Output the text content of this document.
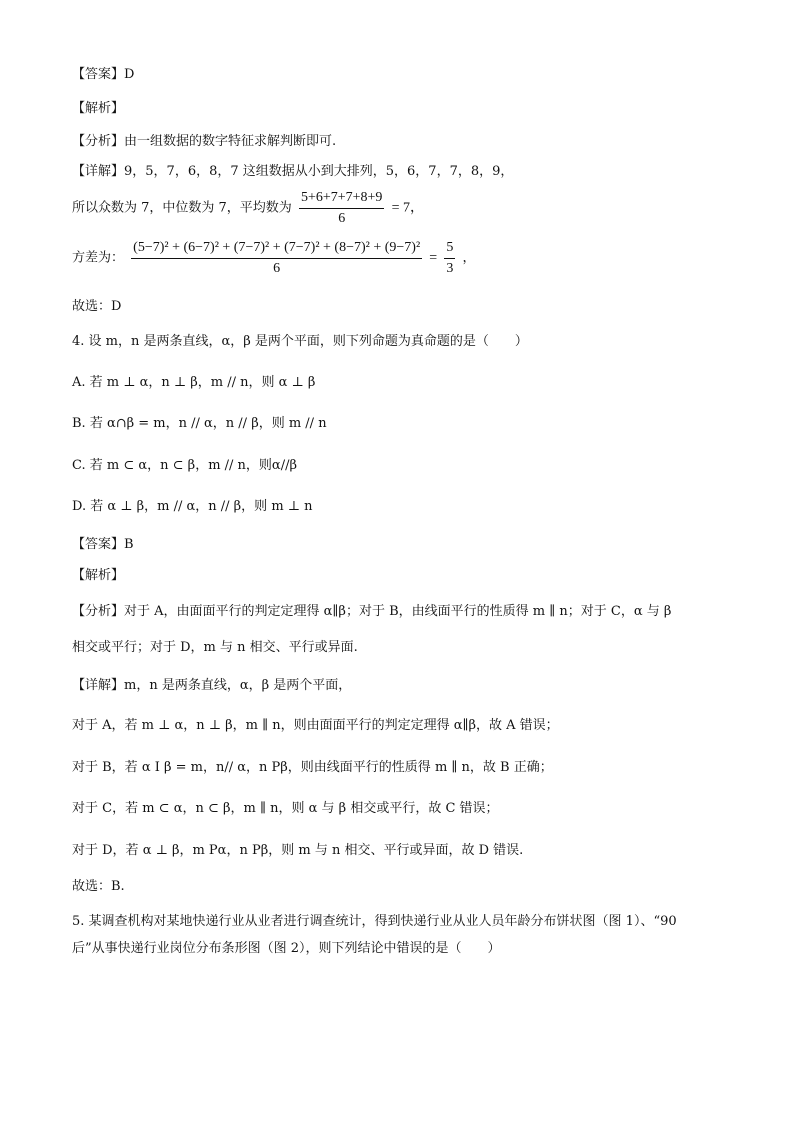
【答案】D
【解析】
【分析】由一组数据的数字特征求解判断即可.
【详解】9，5，7，6，8，7 这组数据从小到大排列，5，6，7，7，8，9，
所以众数为 7，中位数为 7，平均数为 $\frac{5+6+7+7+8+9}{6} = 7$，
方差为： $\frac{\text{(5−7)² + (6−7)² + (7−7)² + (7−7)² + (8−7)² + (9−7)²}}{6} = \frac{5}{3}$ ，
故选：D
4. 设 m，n 是两条直线，α，β 是两个平面，则下列命题为真命题的是（　　）
A. 若 m ⊥ α，n ⊥ β，m // n，则 α ⊥ β
B. 若 α∩β = m，n // α，n // β，则 m // n
C. 若 m ⊂ α，n ⊂ β，m // n，则α//β
D. 若 α ⊥ β，m // α，n // β，则 m ⊥ n
【答案】B
【解析】
【分析】对于 A，由面面平行的判定定理得 α∥β；对于 B，由线面平行的性质得 m ∥ n；对于 C，α 与 β
相交或平行；对于 D，m 与 n 相交、平行或异面.
【详解】m，n 是两条直线，α，β 是两个平面，
对于 A，若 m ⊥ α，n ⊥ β，m ∥ n，则由面面平行的判定定理得 α∥β，故 A 错误；
对于 B，若 α I β = m，n// α，n Pβ，则由线面平行的性质得 m ∥ n，故 B 正确；
对于 C，若 m ⊂ α，n ⊂ β，m ∥ n，则 α 与 β 相交或平行，故 C 错误；
对于 D，若 α ⊥ β，m Pα，n Pβ，则 m 与 n 相交、平行或异面，故 D 错误.
故选：B.
5. 某调查机构对某地快递行业从业者进行调查统计，得到快递行业从业人员年龄分布饼状图（图 1）、“90
后”从事快递行业岗位分布条形图（图 2），则下列结论中错误的是（　　）
